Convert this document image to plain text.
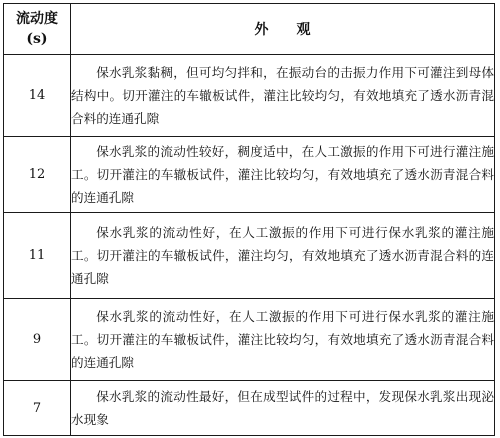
流动度
(s)	外 观
14	保水乳浆黏稠，但可均匀拌和，在振动台的击振力作用下可灌注到母体结构中。切开灌注的车辙板试件，灌注比较均匀，有效地填充了透水沥青混合料的连通孔隙
12	保水乳浆的流动性较好，稠度适中，在人工激振的作用下可进行灌注施工。切开灌注的车辙板试件，灌注比较均匀，有效地填充了透水沥青混合料的连通孔隙
11	保水乳浆的流动性好，在人工激振的作用下可进行保水乳浆的灌注施工。切开灌注的车辙板试件，灌注均匀，有效地填充了透水沥青混合料的连通孔隙
9	保水乳浆的流动性好，在人工激振的作用下可进行保水乳浆的灌注施工。切开灌注的车辙板试件，灌注比较均匀，有效地填充了透水沥青混合料的连通孔隙
7	保水乳浆的流动性最好，但在成型试件的过程中，发现保水乳浆出现泌水现象
